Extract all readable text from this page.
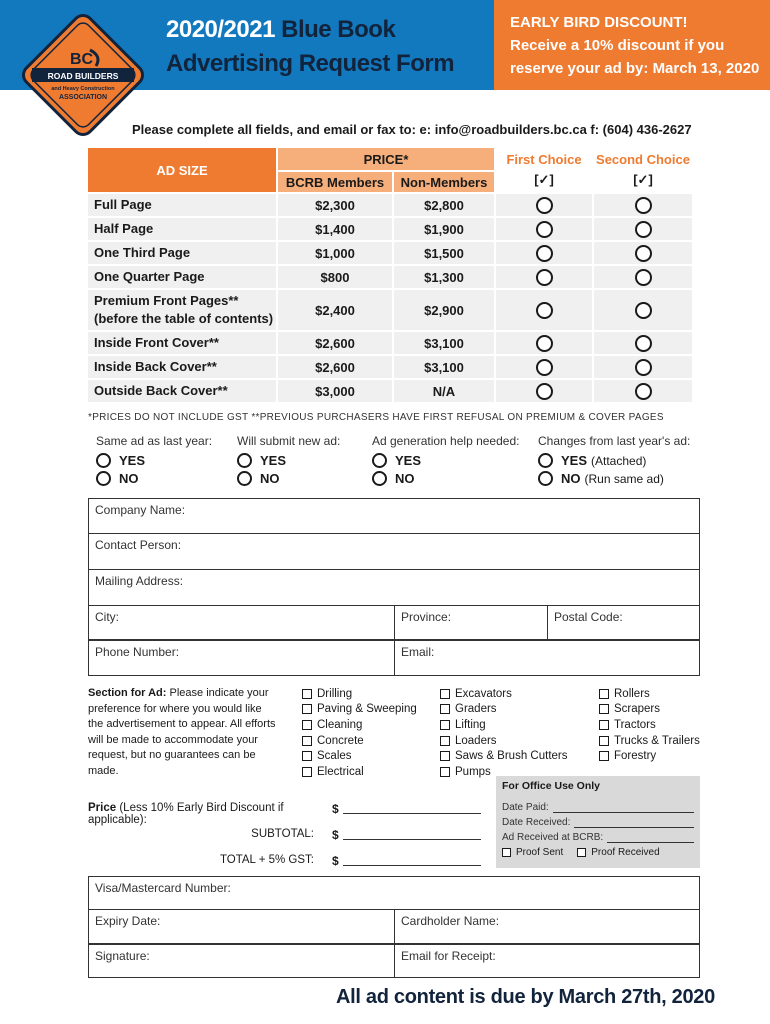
BC
ROAD BUILDERS
and Heavy Construction
ASSOCIATION
2020/2021 Blue Book
Advertising Request Form
EARLY BIRD DISCOUNT!
Receive a 10% discount if you
reserve your ad by: March 13, 2020
Please complete all fields, and email or fax to: e: info@roadbuilders.bc.ca f: (604) 436-2627
AD SIZE
PRICE*
BCRB Members	Non-Members
First Choice
[✓]
Second Choice
[✓]
Full Page	$2,300	$2,800
Half Page	$1,400	$1,900
One Third Page	$1,000	$1,500
One Quarter Page	$800	$1,300
Premium Front Pages**
(before the table of contents)
$2,400	$2,900
Inside Front Cover**	$2,600	$3,100
Inside Back Cover**	$2,600	$3,100
Outside Back Cover**	$3,000	N/A
*PRICES DO NOT INCLUDE GST **PREVIOUS PURCHASERS HAVE FIRST REFUSAL ON PREMIUM & COVER PAGES
Same ad as last year:
YES
NO
Will submit new ad:
YES
NO
Ad generation help needed:
YES
NO
Changes from last year's ad:
YES (Attached)
NO (Run same ad)
Company Name:
Contact Person:
Mailing Address:
City:	Province:	Postal Code:
Phone Number:	Email:
Section for Ad: Please indicate your preference for where you would like the advertisement to appear. All efforts will be made to accommodate your request, but no guarantees can be made.
Drilling
Paving & Sweeping
Cleaning
Concrete
Scales
Electrical
Excavators
Graders
Lifting
Loaders
Saws & Brush Cutters
Pumps
Rollers
Scrapers
Tractors
Trucks & Trailers
Forestry
For Office Use Only
Date Paid:
Date Received:
Ad Received at BCRB:
Proof Sent	Proof Received
Price (Less 10% Early Bird Discount if applicable):
$
SUBTOTAL: $
TOTAL + 5% GST: $
Visa/Mastercard Number:
Expiry Date:	Cardholder Name:
Signature:	Email for Receipt:
All ad content is due by March 27th, 2020
